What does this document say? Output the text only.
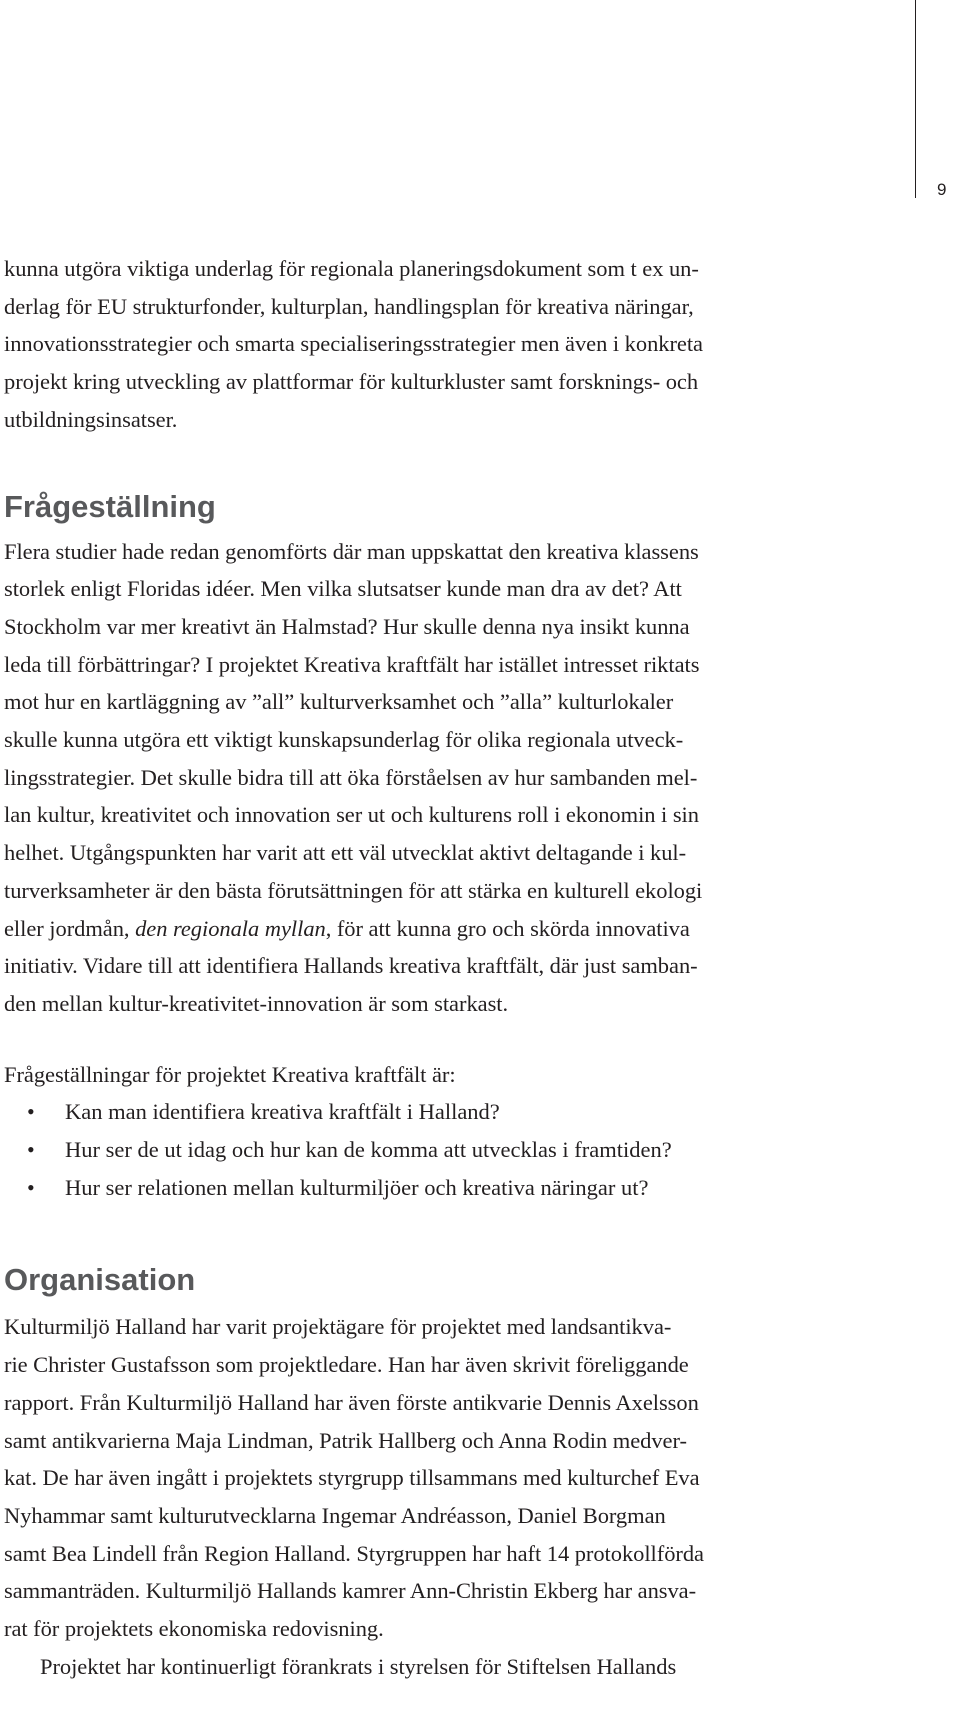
9

kunna utgöra viktiga underlag för regionala planeringsdokument som t ex un-
derlag för EU strukturfonder, kulturplan, handlingsplan för kreativa näringar,
innovationsstrategier och smarta specialiseringsstrategier men även i konkreta
projekt kring utveckling av plattformar för kulturkluster samt forsknings- och
utbildningsinsatser.

Frågeställning

Flera studier hade redan genomförts där man uppskattat den kreativa klassens
storlek enligt Floridas idéer. Men vilka slutsatser kunde man dra av det? Att
Stockholm var mer kreativt än Halmstad? Hur skulle denna nya insikt kunna
leda till förbättringar? I projektet Kreativa kraftfält har istället intresset riktats
mot hur en kartläggning av ”all” kulturverksamhet och ”alla” kulturlokaler
skulle kunna utgöra ett viktigt kunskapsunderlag för olika regionala utveck-
lingsstrategier. Det skulle bidra till att öka förståelsen av hur sambanden mel-
lan kultur, kreativitet och innovation ser ut och kulturens roll i ekonomin i sin
helhet. Utgångspunkten har varit att ett väl utvecklat aktivt deltagande i kul-
turverksamheter är den bästa förutsättningen för att stärka en kulturell ekologi
eller jordmån, den regionala myllan, för att kunna gro och skörda innovativa
initiativ. Vidare till att identifiera Hallands kreativa kraftfält, där just samban-
den mellan kultur-kreativitet-innovation är som starkast.

Frågeställningar för projektet Kreativa kraftfält är:

• Kan man identifiera kreativa kraftfält i Halland?
• Hur ser de ut idag och hur kan de komma att utvecklas i framtiden?
• Hur ser relationen mellan kulturmiljöer och kreativa näringar ut?
Organisation

Kulturmiljö Halland har varit projektägare för projektet med landsantikva-
rie Christer Gustafsson som projektledare. Han har även skrivit föreliggande
rapport. Från Kulturmiljö Halland har även förste antikvarie Dennis Axelsson
samt antikvarierna Maja Lindman, Patrik Hallberg och Anna Rodin medver-
kat. De har även ingått i projektets styrgrupp tillsammans med kulturchef Eva
Nyhammar samt kulturutvecklarna Ingemar Andréasson, Daniel Borgman
samt Bea Lindell från Region Halland. Styrgruppen har haft 14 protokollförda
sammanträden. Kulturmiljö Hallands kamrer Ann-Christin Ekberg har ansva-
rat för projektets ekonomiska redovisning.
Projektet har kontinuerligt förankrats i styrelsen för Stiftelsen Hallands
